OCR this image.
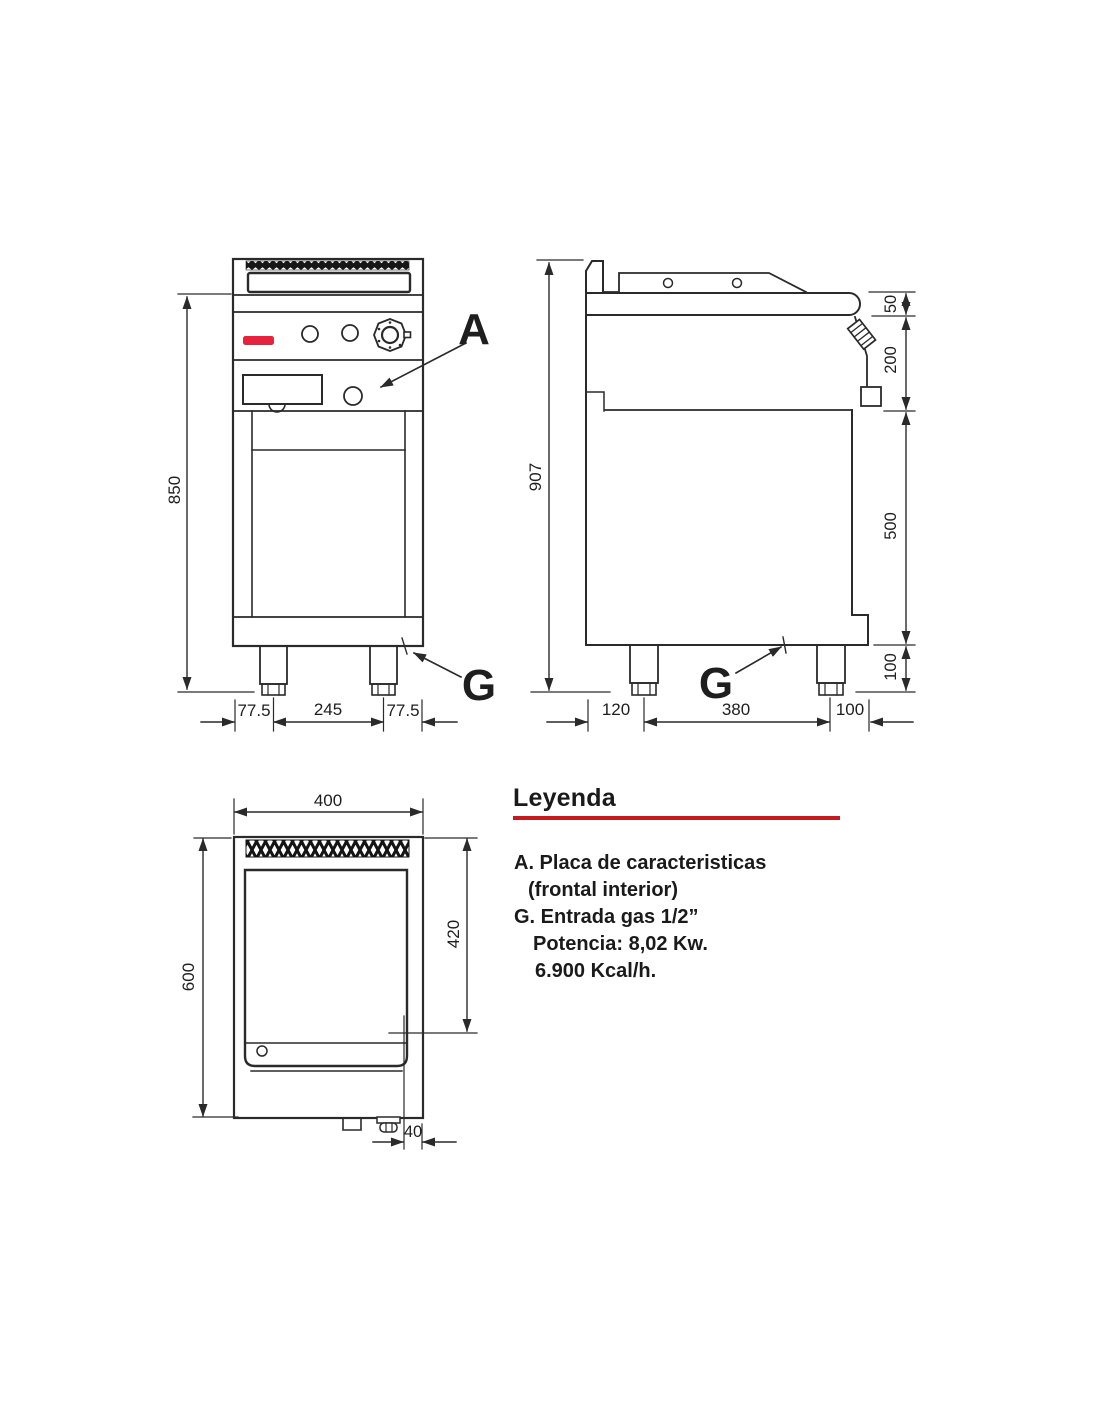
850
77.5	245	77.5
A
G
907
50
200
500
100
120	380	100
G
400
600
420
40
Leyenda
A. Placa de caracteristicas
(frontal interior)
G. Entrada gas 1/2”
Potencia: 8,02 Kw.
6.900 Kcal/h.
